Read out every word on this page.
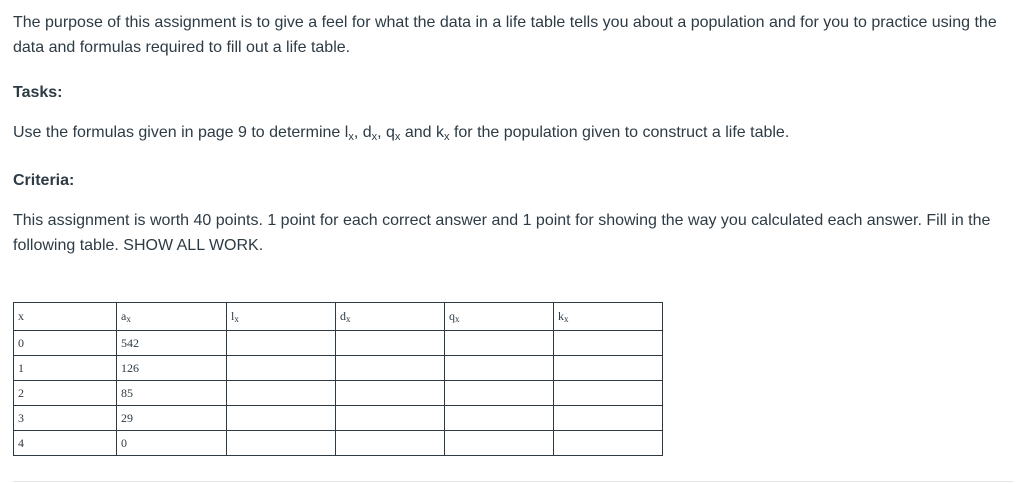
The purpose of this assignment is to give a feel for what the data in a life table tells you about a population and for you to practice using the data and formulas required to fill out a life table.

Tasks:

Use the formulas given in page 9 to determine lx, dx, qx and kx for the population given to construct a life table.

Criteria:

This assignment is worth 40 points. 1 point for each correct answer and 1 point for showing the way you calculated each answer. Fill in the following table. SHOW ALL WORK.

x	ax	lx	dx	qx	kx
0	542				
1	126				
2	85				
3	29				
4	0				
